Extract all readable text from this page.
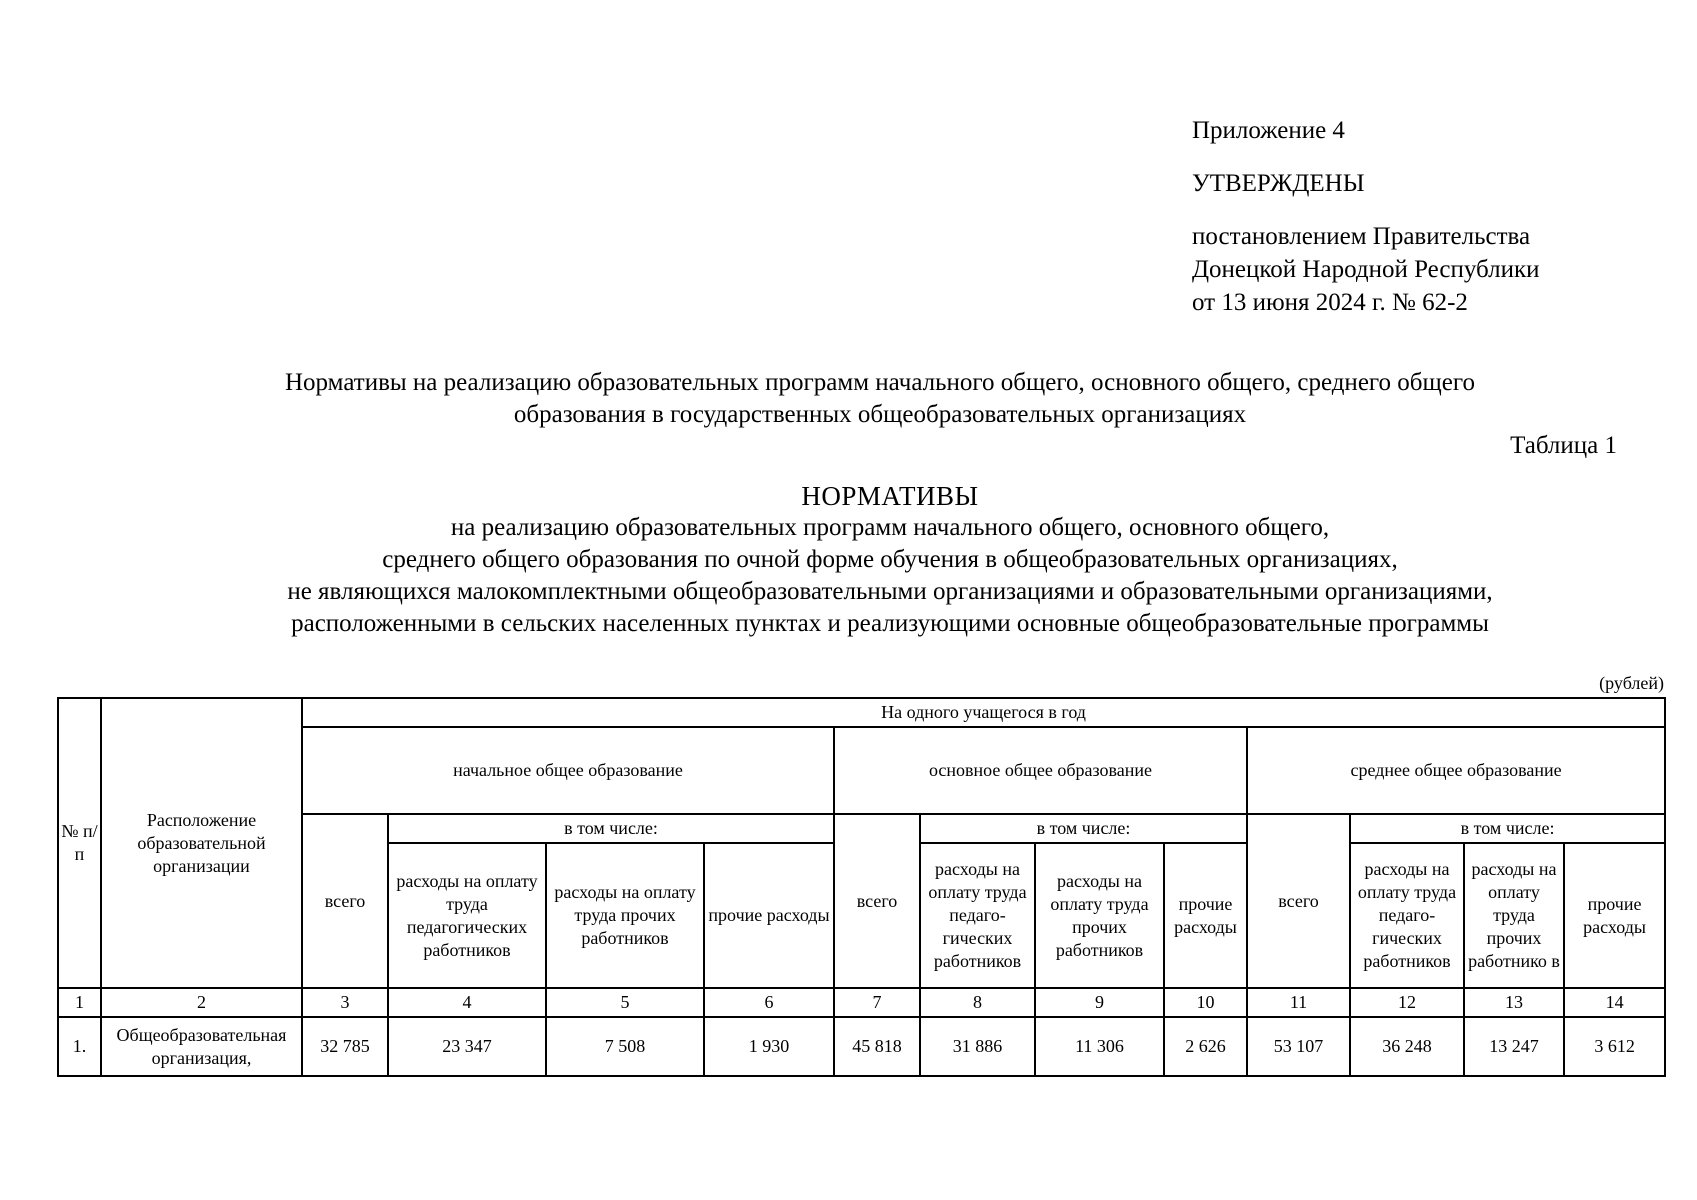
Приложение 4

УТВЕРЖДЕНЫ

постановлением Правительства

Донецкой Народной Республики

от 13 июня 2024 г. № 62-2

Нормативы на реализацию образовательных программ начального общего, основного общего, среднего общего
образования в государственных общеобразовательных организациях
Таблица 1
НОРМАТИВЫ
на реализацию образовательных программ начального общего, основного общего,
среднего общего образования по очной форме обучения в общеобразовательных организациях,
не являющихся малокомплектными общеобразовательными организациями и образовательными организациями,
расположенными в сельских населенных пунктах и реализующими основные общеобразовательные программы
(рублей)
№ п/п	Расположение образовательной организации	На одного учащегося в год											
		начальное общее образование				основное общее образование				среднее общее образование			
		всего	в том числе:			всего	в том числе:			всего	в том числе:		
			расходы на оплату труда педагогических работников	расходы на оплату труда прочих работников	прочие расходы		расходы на оплату труда педаго-гических работников	расходы на оплату труда прочих работников	прочие расходы		расходы на оплату труда педаго-гических работников	расходы на оплату труда прочих работнико в	прочие расходы
1	2	3	4	5	6	7	8	9	10	11	12	13	14
1.	Общеобразовательная организация,	32 785	23 347	7 508	1 930	45 818	31 886	11 306	2 626	53 107	36 248	13 247	3 612
